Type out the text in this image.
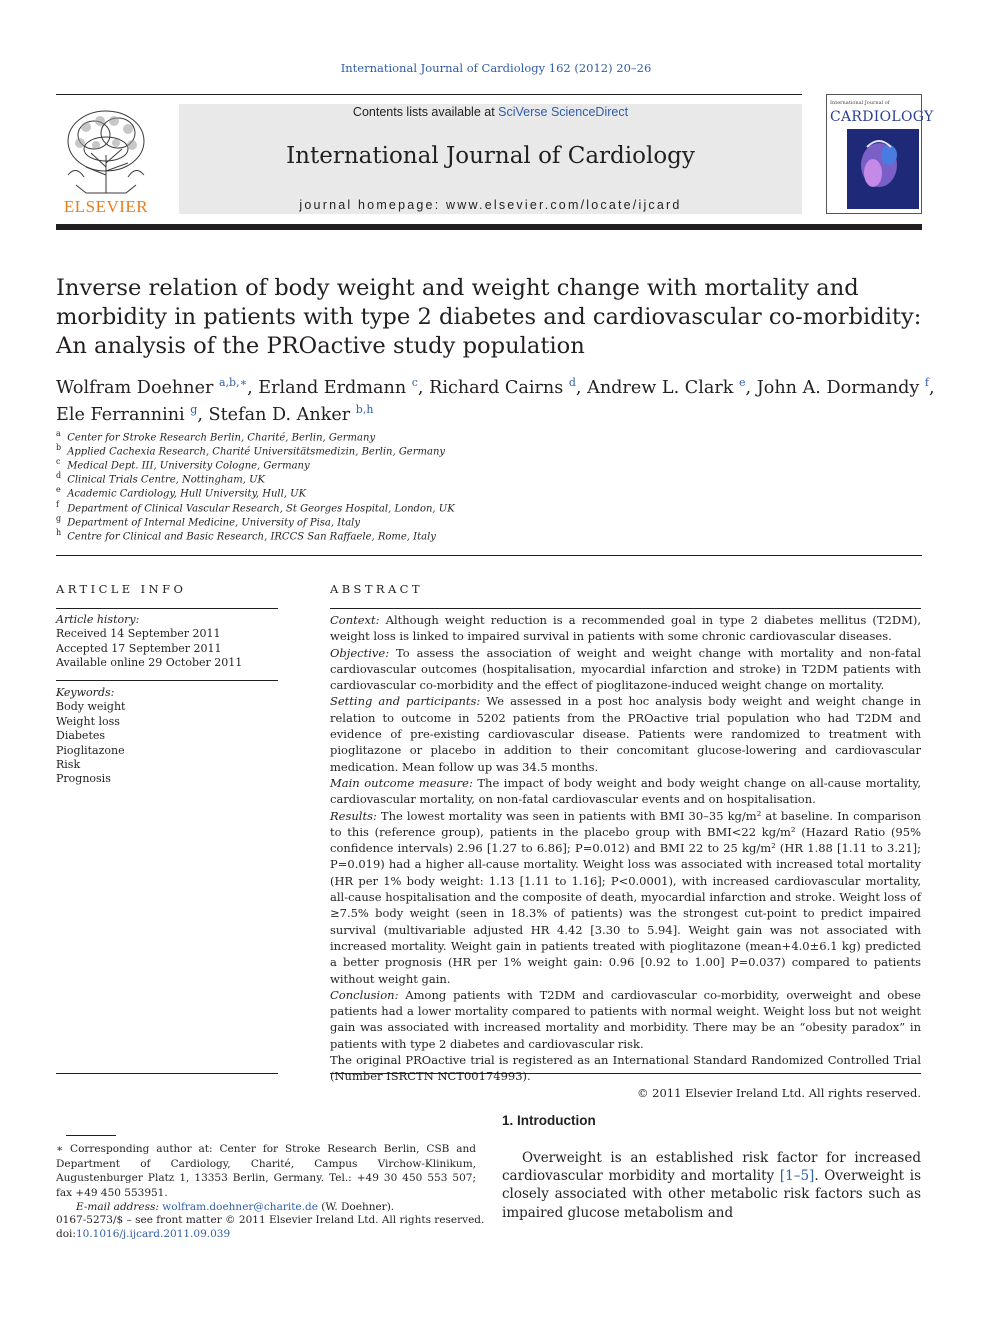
International Journal of Cardiology 162 (2012) 20–26
ELSEVIER
Contents lists available at SciVerse ScienceDirect
International Journal of Cardiology
journal homepage: www.elsevier.com/locate/ijcard
International Journal of
CARDIOLOGY
Inverse relation of body weight and weight change with mortality and morbidity in patients with type 2 diabetes and cardiovascular co-morbidity: An analysis of the PROactive study population
Wolfram Doehner $^{a,b,∗}$, Erland Erdmann $^c$, Richard Cairns $^d$, Andrew L. Clark $^e$, John A. Dormandy $^f$,
Ele Ferrannini $^g$, Stefan D. Anker $^{b,h}$
$^a$ Center for Stroke Research Berlin, Charité, Berlin, Germany
$^b$ Applied Cachexia Research, Charité Universitätsmedizin, Berlin, Germany
$^c$ Medical Dept. III, University Cologne, Germany
$^d$ Clinical Trials Centre, Nottingham, UK
$^e$ Academic Cardiology, Hull University, Hull, UK
$^f$ Department of Clinical Vascular Research, St Georges Hospital, London, UK
$^g$ Department of Internal Medicine, University of Pisa, Italy
$^h$ Centre for Clinical and Basic Research, IRCCS San Raffaele, Rome, Italy
ARTICLE INFO
Article history:
Received 14 September 2011
Accepted 17 September 2011
Available online 29 October 2011
Keywords:
Body weight
Weight loss
Diabetes
Pioglitazone
Risk
Prognosis
ABSTRACT

Context: Although weight reduction is a recommended goal in type 2 diabetes mellitus (T2DM), weight loss is linked to impaired survival in patients with some chronic cardiovascular diseases.

Objective: To assess the association of weight and weight change with mortality and non-fatal cardiovascular outcomes (hospitalisation, myocardial infarction and stroke) in T2DM patients with cardiovascular co-morbidity and the effect of pioglitazone-induced weight change on mortality.

Setting and participants: We assessed in a post hoc analysis body weight and weight change in relation to outcome in 5202 patients from the PROactive trial population who had T2DM and evidence of pre-existing cardiovascular disease. Patients were randomized to treatment with pioglitazone or placebo in addition to their concomitant glucose-lowering and cardiovascular medication. Mean follow up was 34.5 months.

Main outcome measure: The impact of body weight and body weight change on all-cause mortality, cardiovascular mortality, on non-fatal cardiovascular events and on hospitalisation.

Results: The lowest mortality was seen in patients with BMI 30–35 kg/m² at baseline. In comparison to this (reference group), patients in the placebo group with BMI<22 kg/m² (Hazard Ratio (95% confidence intervals) 2.96 [1.27 to 6.86]; P=0.012) and BMI 22 to 25 kg/m² (HR 1.88 [1.11 to 3.21]; P=0.019) had a higher all-cause mortality. Weight loss was associated with increased total mortality (HR per 1% body weight: 1.13 [1.11 to 1.16]; P<0.0001), with increased cardiovascular mortality, all-cause hospitalisation and the composite of death, myocardial infarction and stroke. Weight loss of ≥7.5% body weight (seen in 18.3% of patients) was the strongest cut-point to predict impaired survival (multivariable adjusted HR 4.42 [3.30 to 5.94]. Weight gain was not associated with increased mortality. Weight gain in patients treated with pioglitazone (mean+4.0±6.1 kg) predicted a better prognosis (HR per 1% weight gain: 0.96 [0.92 to 1.00] P=0.037) compared to patients without weight gain.

Conclusion: Among patients with T2DM and cardiovascular co-morbidity, overweight and obese patients had a lower mortality compared to patients with normal weight. Weight loss but not weight gain was associated with increased mortality and morbidity. There may be an “obesity paradox” in patients with type 2 diabetes and cardiovascular risk.

The original PROactive trial is registered as an International Standard Randomized Controlled Trial (Number ISRCTN NCT00174993).

© 2011 Elsevier Ireland Ltd. All rights reserved.

∗ Corresponding author at: Center for Stroke Research Berlin, CSB and Department of Cardiology, Charité, Campus Virchow-Klinikum, Augustenburger Platz 1, 13353 Berlin, Germany. Tel.: +49 30 450 553 507; fax +49 450 553951.
E-mail address: wolfram.doehner@charite.de (W. Doehner).
0167-5273/$ – see front matter © 2011 Elsevier Ireland Ltd. All rights reserved.
doi:10.1016/j.ijcard.2011.09.039
1. Introduction
Overweight is an established risk factor for increased cardiovascular morbidity and mortality [1–5]. Overweight is closely associated with other metabolic risk factors such as impaired glucose metabolism and
